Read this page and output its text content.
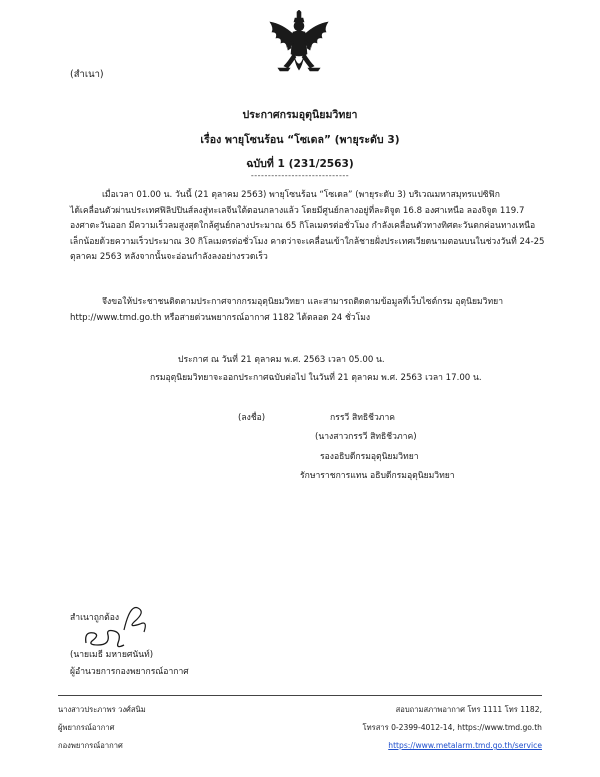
(สำเนา)
ประกาศกรมอุตุนิยมวิทยา
เรื่อง พายุโซนร้อน “โซเดล” (พายุระดับ 3)
ฉบับที่ 1 (231/2563)
-----------------------------
เมื่อเวลา 01.00 น. วันนี้ (21 ตุลาคม 2563) พายุโซนร้อน “โซเดล” (พายุระดับ 3) บริเวณมหาสมุทรแปซิฟิก
ได้เคลื่อนตัวผ่านประเทศฟิลิปปินส์ลงสู่ทะเลจีนใต้ตอนกลางแล้ว โดยมีศูนย์กลางอยู่ที่ละติจูด 16.8 องศาเหนือ ลองจิจูด 119.7
องศาตะวันออก มีความเร็วลมสูงสุดใกล้ศูนย์กลางประมาณ 65 กิโลเมตรต่อชั่วโมง กำลังเคลื่อนตัวทางทิศตะวันตกค่อนทางเหนือ
เล็กน้อยด้วยความเร็วประมาณ 30 กิโลเมตรต่อชั่วโมง คาดว่าจะเคลื่อนเข้าใกล้ชายฝั่งประเทศเวียดนามตอนบนในช่วงวันที่ 24-25
ตุลาคม 2563 หลังจากนั้นจะอ่อนกำลังลงอย่างรวดเร็ว
จึงขอให้ประชาชนติดตามประกาศจากกรมอุตุนิยมวิทยา และสามารถติดตามข้อมูลที่เว็บไซต์กรม อุตุนิยมวิทยา
http://www.tmd.go.th หรือสายด่วนพยากรณ์อากาศ 1182 ได้ตลอด 24 ชั่วโมง
ประกาศ ณ วันที่ 21 ตุลาคม พ.ศ. 2563 เวลา 05.00 น.
กรมอุตุนิยมวิทยาจะออกประกาศฉบับต่อไป ในวันที่ 21 ตุลาคม พ.ศ. 2563 เวลา 17.00 น.
(ลงชื่อ)	กรรวี สิทธิชีวภาค
(นางสาวกรรวี สิทธิชีวภาค)
รองอธิบดีกรมอุตุนิยมวิทยา
รักษาราชการแทน อธิบดีกรมอุตุนิยมวิทยา
สำเนาถูกต้อง
(นายเมธี มหายศนันท์)
ผู้อำนวยการกองพยากรณ์อากาศ
นางสาวประภาพร วงศ์สนิม
ผู้พยากรณ์อากาศ
กองพยากรณ์อากาศ
สอบถามสภาพอากาศ โทร 1111 โทร 1182,
โทรสาร 0-2399-4012-14, https://www.tmd.go.th
https://www.metalarm.tmd.go.th/service
